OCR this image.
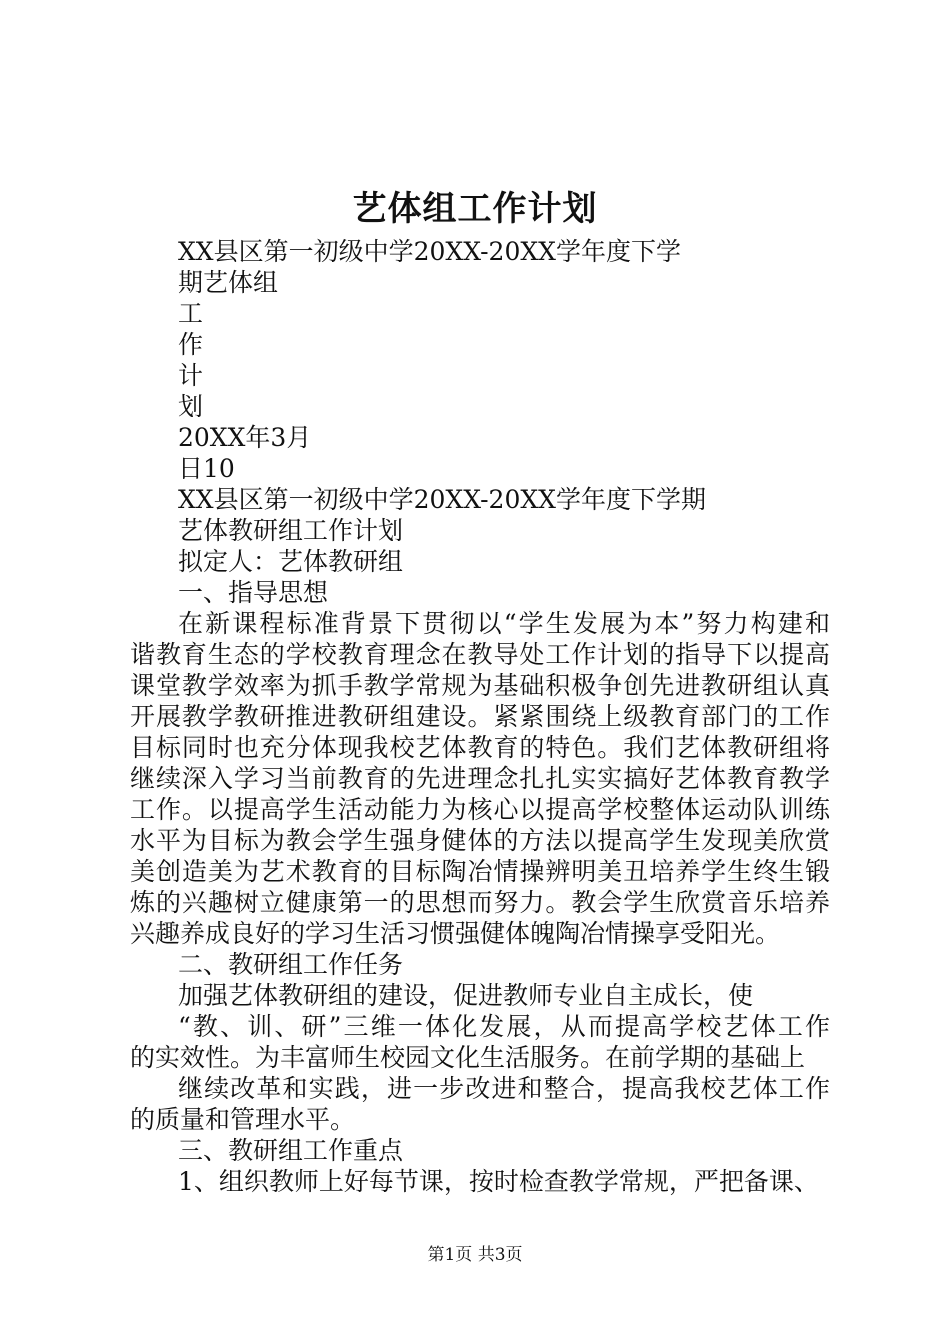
艺体组工作计划
XX县区第一初级中学20XX-20XX学年度下学
期艺体组
工
作
计
划
20XX年3月
日10
XX县区第一初级中学20XX-20XX学年度下学期
艺体教研组工作计划
拟定人：艺体教研组
一、指导思想
在新课程标准背景下贯彻以“学生发展为本”努力构建和
谐教育生态的学校教育理念在教导处工作计划的指导下以提高
课堂教学效率为抓手教学常规为基础积极争创先进教研组认真
开展教学教研推进教研组建设。紧紧围绕上级教育部门的工作
目标同时也充分体现我校艺体教育的特色。我们艺体教研组将
继续深入学习当前教育的先进理念扎扎实实搞好艺体教育教学
工作。以提高学生活动能力为核心以提高学校整体运动队训练
水平为目标为教会学生强身健体的方法以提高学生发现美欣赏
美创造美为艺术教育的目标陶冶情操辨明美丑培养学生终生锻
炼的兴趣树立健康第一的思想而努力。教会学生欣赏音乐培养
兴趣养成良好的学习生活习惯强健体魄陶冶情操享受阳光。
二、教研组工作任务
加强艺体教研组的建设，促进教师专业自主成长，使
“教、训、研”三维一体化发展，从而提高学校艺体工作
的实效性。为丰富师生校园文化生活服务。在前学期的基础上
继续改革和实践，进一步改进和整合，提高我校艺体工作
的质量和管理水平。
三、教研组工作重点
1、组织教师上好每节课，按时检查教学常规，严把备课、
第1页 共3页
